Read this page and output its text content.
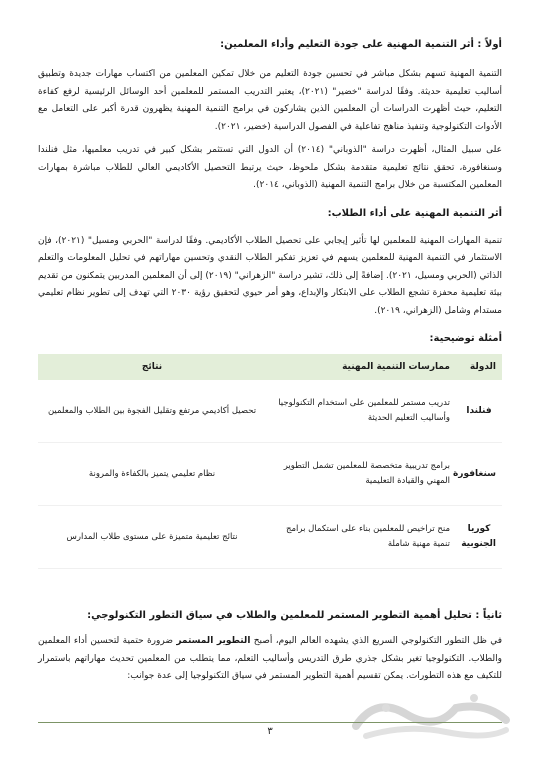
أولاً : أثر التنمية المهنية على جودة التعليم وأداء المعلمين:

التنمية المهنية تسهم بشكل مباشر في تحسين جودة التعليم من خلال تمكين المعلمين من اكتساب مهارات جديدة وتطبيق أساليب تعليمية حديثة. وفقًا لدراسة "خضير" (٢٠٢١)، يعتبر التدريب المستمر للمعلمين أحد الوسائل الرئيسية لرفع كفاءة التعليم، حيث أظهرت الدراسات أن المعلمين الذين يشاركون في برامج التنمية المهنية يظهرون قدرة أكبر على التعامل مع الأدوات التكنولوجية وتنفيذ مناهج تفاعلية في الفصول الدراسية (خضير، ٢٠٢١).

على سبيل المثال، أظهرت دراسة "الذوباني" (٢٠١٤) أن الدول التي تستثمر بشكل كبير في تدريب معلميها، مثل فنلندا وسنغافورة، تحقق نتائج تعليمية متقدمة بشكل ملحوظ، حيث يرتبط التحصيل الأكاديمي العالي للطلاب مباشرة بمهارات المعلمين المكتسبة من خلال برامج التنمية المهنية (الذوباني، ٢٠١٤).

أثر التنمية المهنية على أداء الطلاب:

تنمية المهارات المهنية للمعلمين لها تأثير إيجابي على تحصيل الطلاب الأكاديمي. وفقًا لدراسة "الحربي ومسيل" (٢٠٢١)، فإن الاستثمار في التنمية المهنية للمعلمين يسهم في تعزيز تفكير الطلاب النقدي وتحسين مهاراتهم في تحليل المعلومات والتعلم الذاتي (الحربي ومسيل، ٢٠٢١). إضافةً إلى ذلك، تشير دراسة "الزهراني" (٢٠١٩) إلى أن المعلمين المدربين يتمكنون من تقديم بيئة تعليمية محفزة تشجع الطلاب على الابتكار والإبداع، وهو أمر حيوي لتحقيق رؤية ٢٠٣٠ التي تهدف إلى تطوير نظام تعليمي مستدام وشامل (الزهراني، ٢٠١٩).

أمثلة توضيحية:
الدولة	ممارسات التنمية المهنية	نتائج
فنلندا	تدريب مستمر للمعلمين على استخدام التكنولوجيا وأساليب التعليم الحديثة	تحصيل أكاديمي مرتفع وتقليل الفجوة بين الطلاب والمعلمين
سنغافورة	برامج تدريبية متخصصة للمعلمين تشمل التطوير المهني والقيادة التعليمية	نظام تعليمي يتميز بالكفاءة والمرونة
كوريا الجنوبية	منح تراخيص للمعلمين بناء على استكمال برامج تنمية مهنية شاملة	نتائج تعليمية متميزة على مستوى طلاب المدارس
ثانياً : تحليل أهمية التطوير المستمر للمعلمين والطلاب في سياق التطور التكنولوجي:

في ظل التطور التكنولوجي السريع الذي يشهده العالم اليوم، أصبح التطوير المستمر ضرورة حتمية لتحسين أداء المعلمين والطلاب. التكنولوجيا تغير بشكل جذري طرق التدريس وأساليب التعلم، مما يتطلب من المعلمين تحديث مهاراتهم باستمرار للتكيف مع هذه التطورات. يمكن تقسيم أهمية التطوير المستمر في سياق التكنولوجيا إلى عدة جوانب:

٣
